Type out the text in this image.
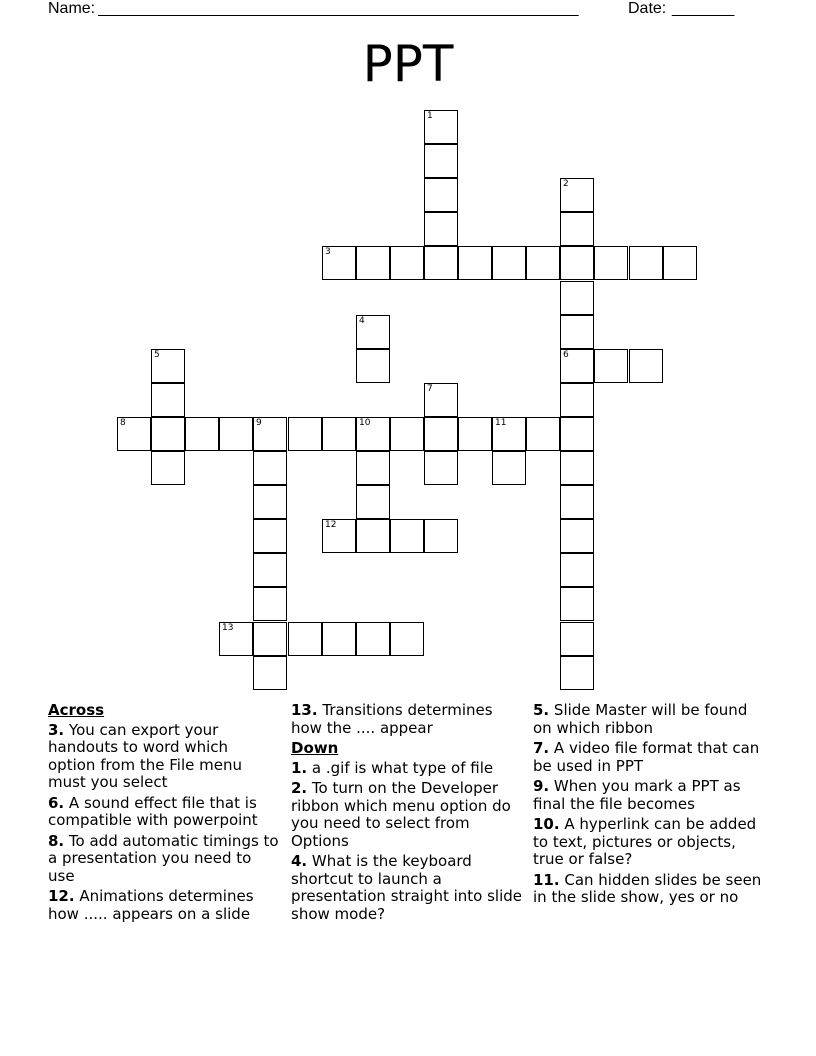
Name: ______________________________________________________	Date: _______
PPT
1
2
6
3
4
5
7
8	9	10	11
12
13
Across
3. You can export your handouts to word which option from the File menu must you select
6. A sound effect file that is compatible with powerpoint
8. To add automatic timings to a presentation you need to use
12. Animations determines how ..... appears on a slide
13. Transitions determines how the .... appear
Down
1. a .gif is what type of file
2. To turn on the Developer ribbon which menu option do you need to select from Options
4. What is the keyboard shortcut to launch a presentation straight into slide show mode?
5. Slide Master will be found on which ribbon
7. A video file format that can be used in PPT
9. When you mark a PPT as final the file becomes
10. A hyperlink can be added to text, pictures or objects, true or false?
11. Can hidden slides be seen in the slide show, yes or no
